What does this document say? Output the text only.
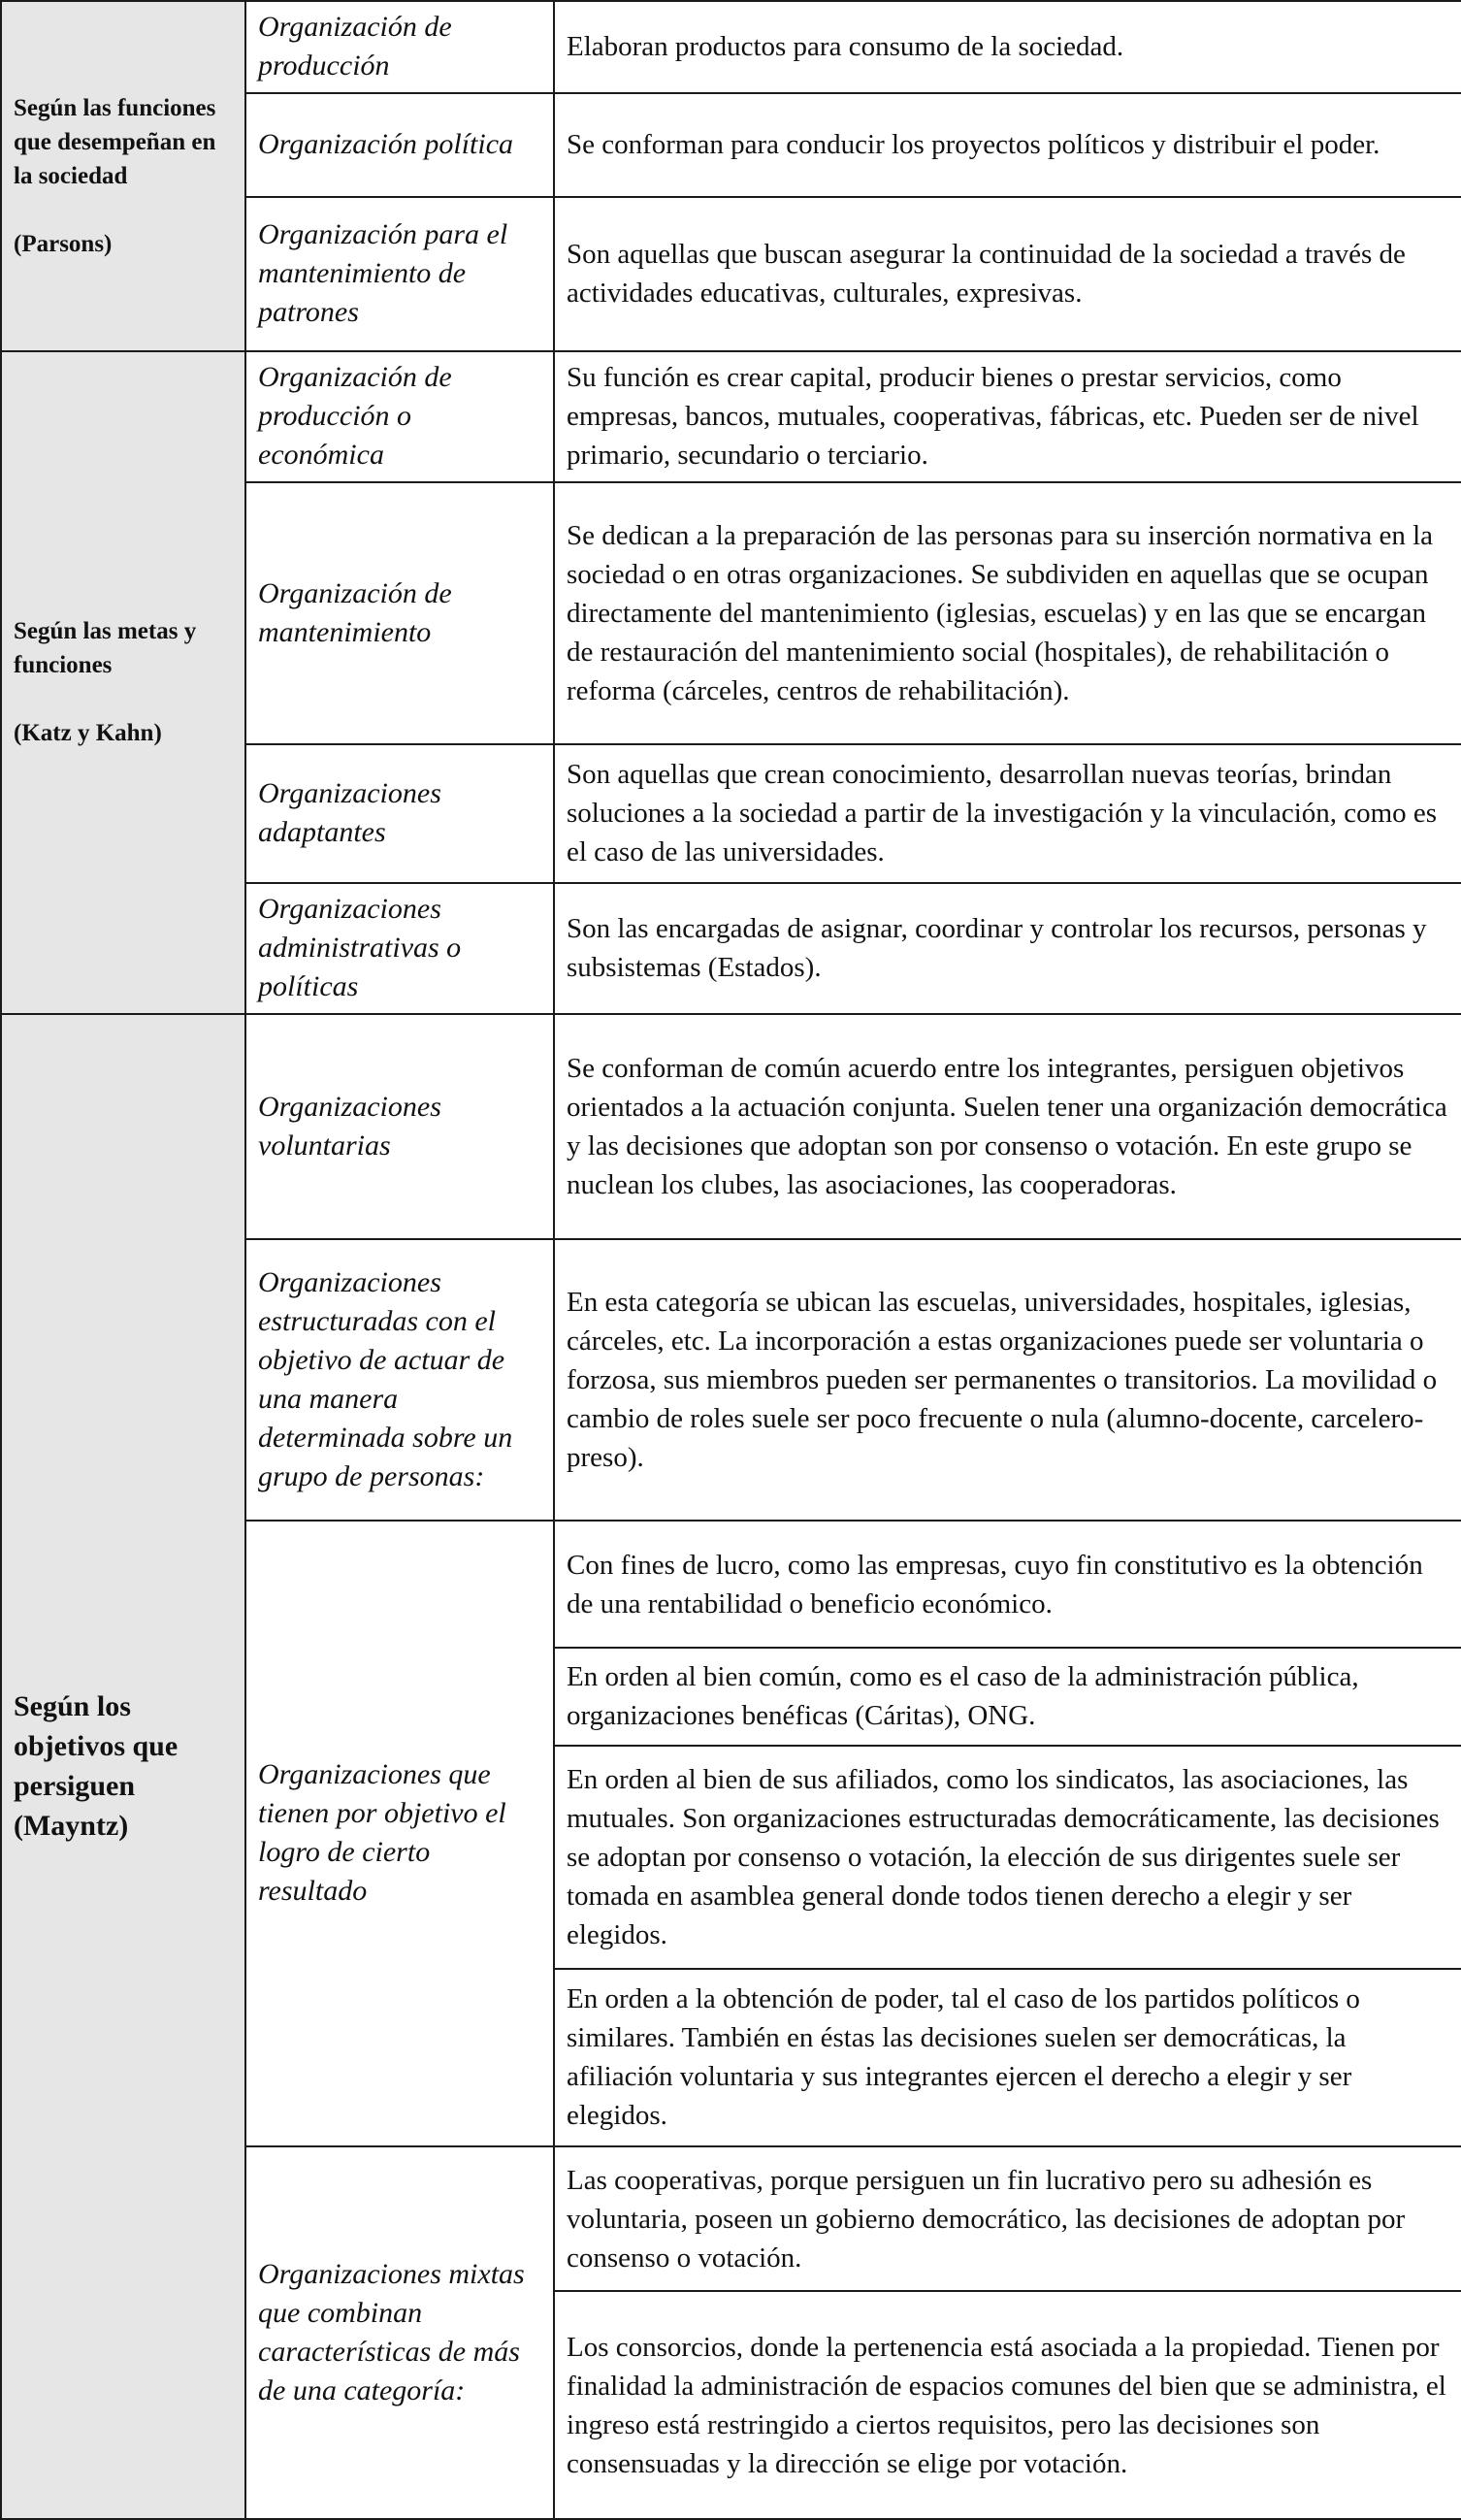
Según las funciones que desempeñan en la sociedad
(Parsons)	Organización de producción	Elaboran productos para consumo de la sociedad.
	Organización política	Se conforman para conducir los proyectos políticos y distribuir el poder.
	Organización para el mantenimiento de patrones	Son aquellas que buscan asegurar la continuidad de la sociedad a través de actividades educativas, culturales, expresivas.

Según las metas y funciones
(Katz y Kahn)	Organización de producción o económica	Su función es crear capital, producir bienes o prestar servicios, como empresas, bancos, mutuales, cooperativas, fábricas, etc. Pueden ser de nivel primario, secundario o terciario.
	Organización de mantenimiento	Se dedican a la preparación de las personas para su inserción normativa en la sociedad o en otras organizaciones. Se subdividen en aquellas que se ocupan directamente del mantenimiento (iglesias, escuelas) y en las que se encargan de restauración del mantenimiento social (hospitales), de rehabilitación o reforma (cárceles, centros de rehabilitación).
	Organizaciones adaptantes	Son aquellas que crean conocimiento, desarrollan nuevas teorías, brindan soluciones a la sociedad a partir de la investigación y la vinculación, como es el caso de las universidades.
	Organizaciones administrativas o políticas	Son las encargadas de asignar, coordinar y controlar los recursos, personas y subsistemas (Estados).

Según los objetivos que persiguen
(Mayntz)	Organizaciones voluntarias	Se conforman de común acuerdo entre los integrantes, persiguen objetivos orientados a la actuación conjunta. Suelen tener una organización democrática y las decisiones que adoptan son por consenso o votación. En este grupo se nuclean los clubes, las asociaciones, las cooperadoras.
	Organizaciones estructuradas con el objetivo de actuar de una manera determinada sobre un grupo de personas:	En esta categoría se ubican las escuelas, universidades, hospitales, iglesias, cárceles, etc. La incorporación a estas organizaciones puede ser voluntaria o forzosa, sus miembros pueden ser permanentes o transitorios. La movilidad o cambio de roles suele ser poco frecuente o nula (alumno-docente, carcelero-preso).
	Organizaciones que tienen por objetivo el logro de cierto resultado	Con fines de lucro, como las empresas, cuyo fin constitutivo es la obtención de una rentabilidad o beneficio económico.
		En orden al bien común, como es el caso de la administración pública, organizaciones benéficas (Cáritas), ONG.
		En orden al bien de sus afiliados, como los sindicatos, las asociaciones, las mutuales. Son organizaciones estructuradas democráticamente, las decisiones se adoptan por consenso o votación, la elección de sus dirigentes suele ser tomada en asamblea general donde todos tienen derecho a elegir y ser elegidos.
		En orden a la obtención de poder, tal el caso de los partidos políticos o similares. También en éstas las decisiones suelen ser democráticas, la afiliación voluntaria y sus integrantes ejercen el derecho a elegir y ser elegidos.
	Organizaciones mixtas que combinan características de más de una categoría:	Las cooperativas, porque persiguen un fin lucrativo pero su adhesión es voluntaria, poseen un gobierno democrático, las decisiones de adoptan por consenso o votación.
		Los consorcios, donde la pertenencia está asociada a la propiedad. Tienen por finalidad la administración de espacios comunes del bien que se administra, el ingreso está restringido a ciertos requisitos, pero las decisiones son consensuadas y la dirección se elige por votación.
